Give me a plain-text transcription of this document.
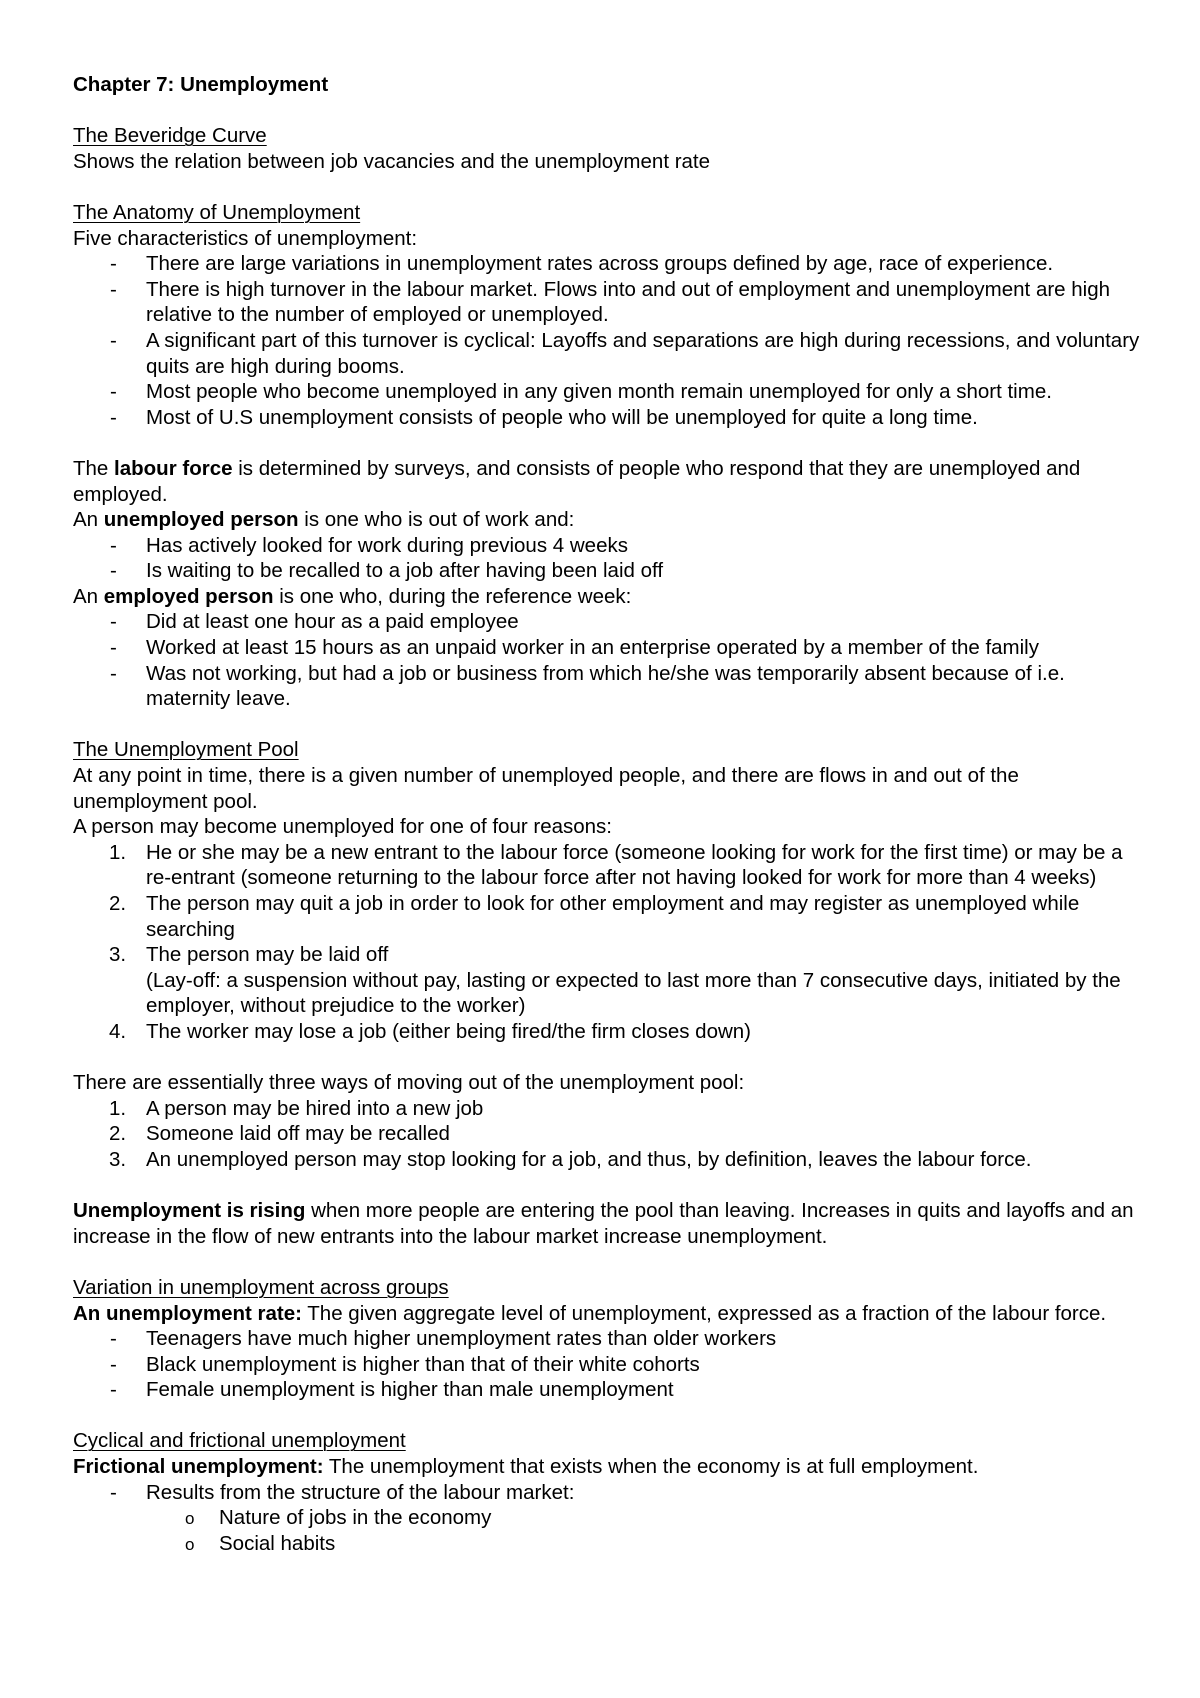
Chapter 7: Unemployment

The Beveridge Curve

Shows the relation between job vacancies and the unemployment rate

The Anatomy of Unemployment

Five characteristics of unemployment:

- There are large variations in unemployment rates across groups defined by age, race of experience.
- There is high turnover in the labour market. Flows into and out of employment and unemployment are high relative to the number of employed or unemployed.
- A significant part of this turnover is cyclical: Layoffs and separations are high during recessions, and voluntary quits are high during booms.
- Most people who become unemployed in any given month remain unemployed for only a short time.
- Most of U.S unemployment consists of people who will be unemployed for quite a long time.

The labour force is determined by surveys, and consists of people who respond that they are unemployed and employed.

An unemployed person is one who is out of work and:

- Has actively looked for work during previous 4 weeks
- Is waiting to be recalled to a job after having been laid off

An employed person is one who, during the reference week:

- Did at least one hour as a paid employee
- Worked at least 15 hours as an unpaid worker in an enterprise operated by a member of the family
- Was not working, but had a job or business from which he/she was temporarily absent because of i.e. maternity leave.

The Unemployment Pool

At any point in time, there is a given number of unemployed people, and there are flows in and out of the unemployment pool.

A person may become unemployed for one of four reasons:

1. He or she may be a new entrant to the labour force (someone looking for work for the first time) or may be a re-entrant (someone returning to the labour force after not having looked for work for more than 4 weeks)
2. The person may quit a job in order to look for other employment and may register as unemployed while searching
3. The person may be laid off
(Lay-off: a suspension without pay, lasting or expected to last more than 7 consecutive days, initiated by the employer, without prejudice to the worker)
4. The worker may lose a job (either being fired/the firm closes down)

There are essentially three ways of moving out of the unemployment pool:

1. A person may be hired into a new job
2. Someone laid off may be recalled
3. An unemployed person may stop looking for a job, and thus, by definition, leaves the labour force.

Unemployment is rising when more people are entering the pool than leaving. Increases in quits and layoffs and an increase in the flow of new entrants into the labour market increase unemployment.

Variation in unemployment across groups

An unemployment rate: The given aggregate level of unemployment, expressed as a fraction of the labour force.

- Teenagers have much higher unemployment rates than older workers
- Black unemployment is higher than that of their white cohorts
- Female unemployment is higher than male unemployment

Cyclical and frictional unemployment

Frictional unemployment: The unemployment that exists when the economy is at full employment.

- Results from the structure of the labour market:
o Nature of jobs in the economy
o Social habits
